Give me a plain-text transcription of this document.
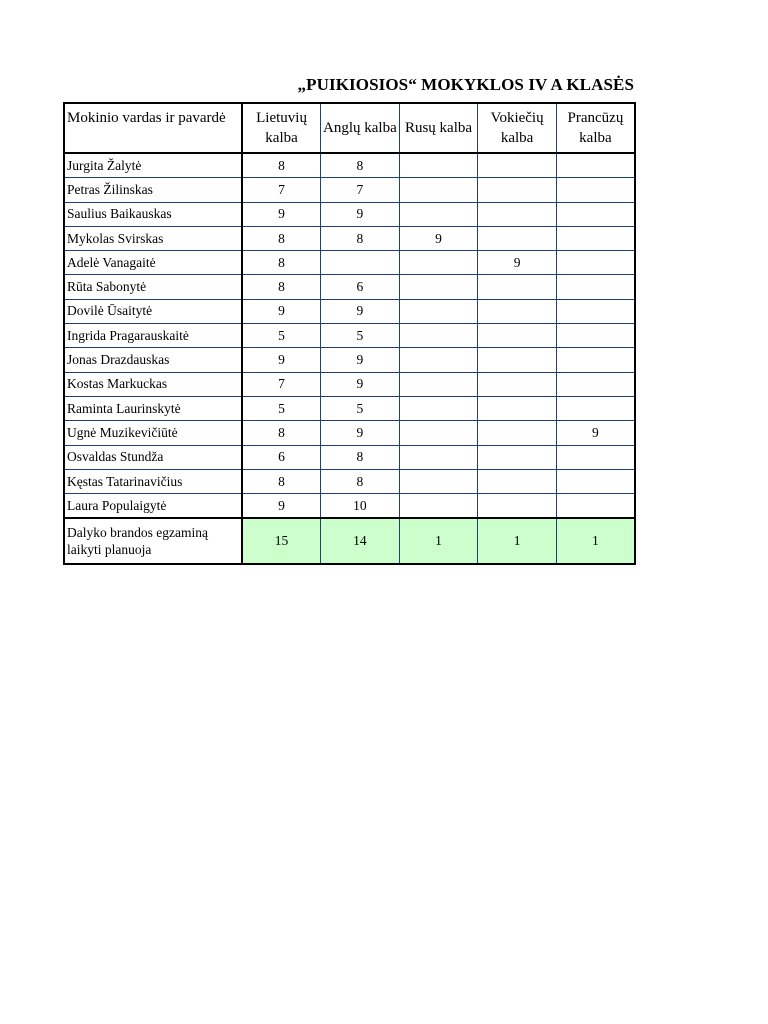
„PUIKIOSIOS“ MOKYKLOS IV A KLASĖS
Mokinio vardas ir pavardė	Lietuvių kalba	Anglų kalba	Rusų kalba	Vokiečių kalba	Prancūzų kalba
Jurgita Žalytė	8	8			
Petras Žilinskas	7	7			
Saulius Baikauskas	9	9			
Mykolas Svirskas	8	8	9		
Adelė Vanagaitė	8			9	
Rūta Sabonytė	8	6			
Dovilė Ūsaitytė	9	9			
Ingrida Pragarauskaitė	5	5			
Jonas Drazdauskas	9	9			
Kostas Markuckas	7	9			
Raminta Laurinskytė	5	5			
Ugnė Muzikevičiūtė	8	9			9
Osvaldas Stundža	6	8			
Kęstas Tatarinavičius	8	8			
Laura Populaigytė	9	10			
Dalyko brandos egzaminą laikyti planuoja	15	14	1	1	1
